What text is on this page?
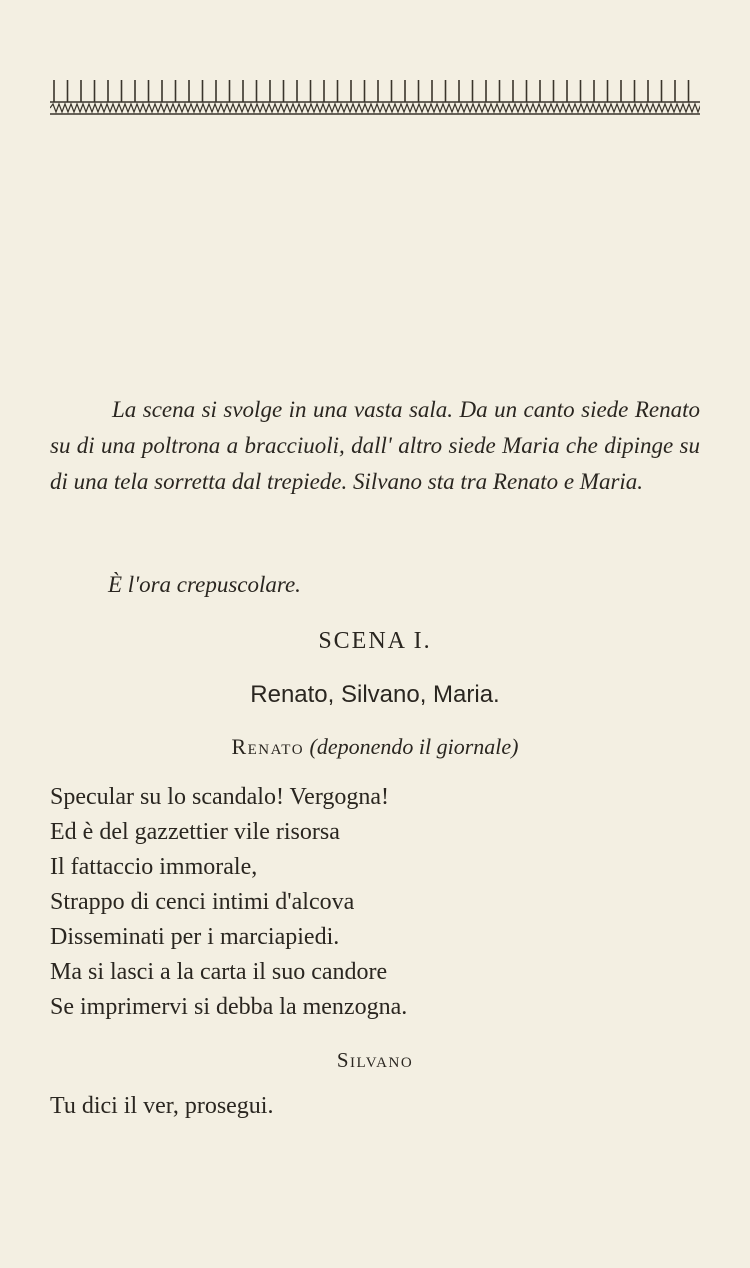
La scena si svolge in una vasta sala. Da un canto siede Renato su di una poltrona a bracciuoli, dall' altro siede Maria che dipinge su di una tela sorretta dal trepiede. Silvano sta tra Renato e Maria.

È l'ora crepuscolare.
SCENA I.
Renato, Silvano, Maria.
Renato (deponendo il giornale)
Specular su lo scandalo! Vergogna!
Ed è del gazzettier vile risorsa
Il fattaccio immorale,
Strappo di cenci intimi d'alcova
Disseminati per i marciapiedi.
Ma si lasci a la carta il suo candore
Se imprimervi si debba la menzogna.
Silvano
Tu dici il ver, prosegui.
